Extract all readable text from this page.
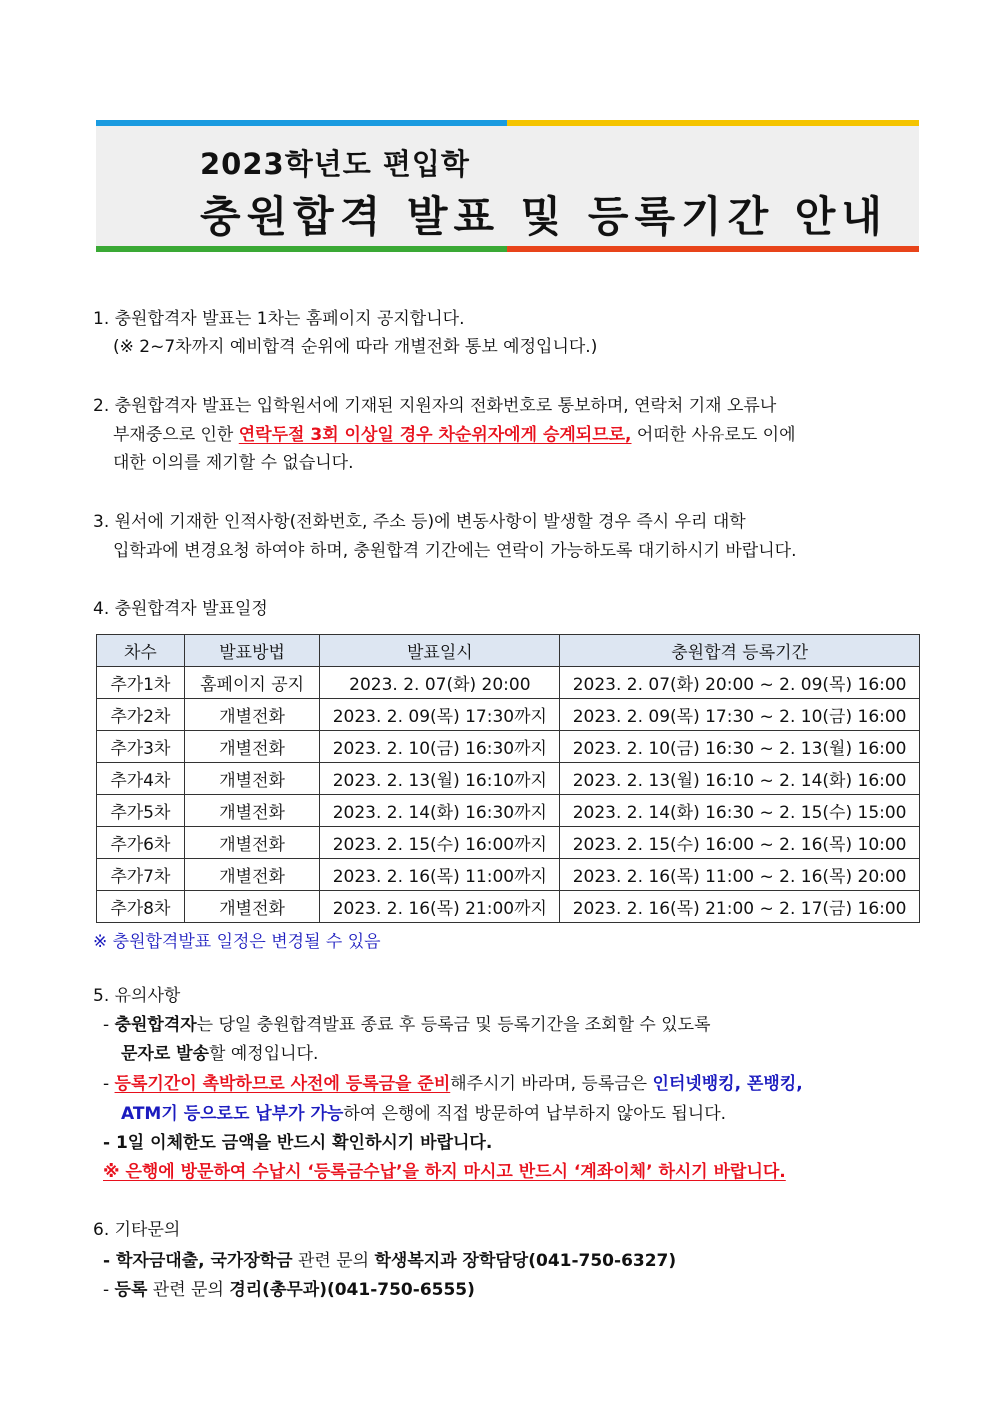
2023학년도 편입학
충원합격 발표 및 등록기간 안내
1. 충원합격자 발표는 1차는 홈페이지 공지합니다.
(※ 2~7차까지 예비합격 순위에 따라 개별전화 통보 예정입니다.)
2. 충원합격자 발표는 입학원서에 기재된 지원자의 전화번호로 통보하며, 연락처 기재 오류나
부재중으로 인한 연락두절 3회 이상일 경우 차순위자에게 승계되므로, 어떠한 사유로도 이에
대한 이의를 제기할 수 없습니다.
3. 원서에 기재한 인적사항(전화번호, 주소 등)에 변동사항이 발생할 경우 즉시 우리 대학
입학과에 변경요청 하여야 하며, 충원합격 기간에는 연락이 가능하도록 대기하시기 바랍니다.
4. 충원합격자 발표일정
차수	발표방법	발표일시	충원합격 등록기간
추가1차	홈페이지 공지	2023. 2. 07(화) 20:00	2023. 2. 07(화) 20:00 ~ 2. 09(목) 16:00
추가2차	개별전화	2023. 2. 09(목) 17:30까지	2023. 2. 09(목) 17:30 ~ 2. 10(금) 16:00
추가3차	개별전화	2023. 2. 10(금) 16:30까지	2023. 2. 10(금) 16:30 ~ 2. 13(월) 16:00
추가4차	개별전화	2023. 2. 13(월) 16:10까지	2023. 2. 13(월) 16:10 ~ 2. 14(화) 16:00
추가5차	개별전화	2023. 2. 14(화) 16:30까지	2023. 2. 14(화) 16:30 ~ 2. 15(수) 15:00
추가6차	개별전화	2023. 2. 15(수) 16:00까지	2023. 2. 15(수) 16:00 ~ 2. 16(목) 10:00
추가7차	개별전화	2023. 2. 16(목) 11:00까지	2023. 2. 16(목) 11:00 ~ 2. 16(목) 20:00
추가8차	개별전화	2023. 2. 16(목) 21:00까지	2023. 2. 16(목) 21:00 ~ 2. 17(금) 16:00
※ 충원합격발표 일정은 변경될 수 있음
5. 유의사항
- 충원합격자는 당일 충원합격발표 종료 후 등록금 및 등록기간을 조회할 수 있도록
문자로 발송할 예정입니다.
- 등록기간이 촉박하므로 사전에 등록금을 준비해주시기 바라며, 등록금은 인터넷뱅킹, 폰뱅킹,
ATM기 등으로도 납부가 가능하여 은행에 직접 방문하여 납부하지 않아도 됩니다.
- 1일 이체한도 금액을 반드시 확인하시기 바랍니다.
※ 은행에 방문하여 수납시 ‘등록금수납’을 하지 마시고 반드시 ‘계좌이체’ 하시기 바랍니다.
6. 기타문의
- 학자금대출, 국가장학금 관련 문의 학생복지과 장학담당(041-750-6327)
- 등록 관련 문의 경리(총무과)(041-750-6555)
